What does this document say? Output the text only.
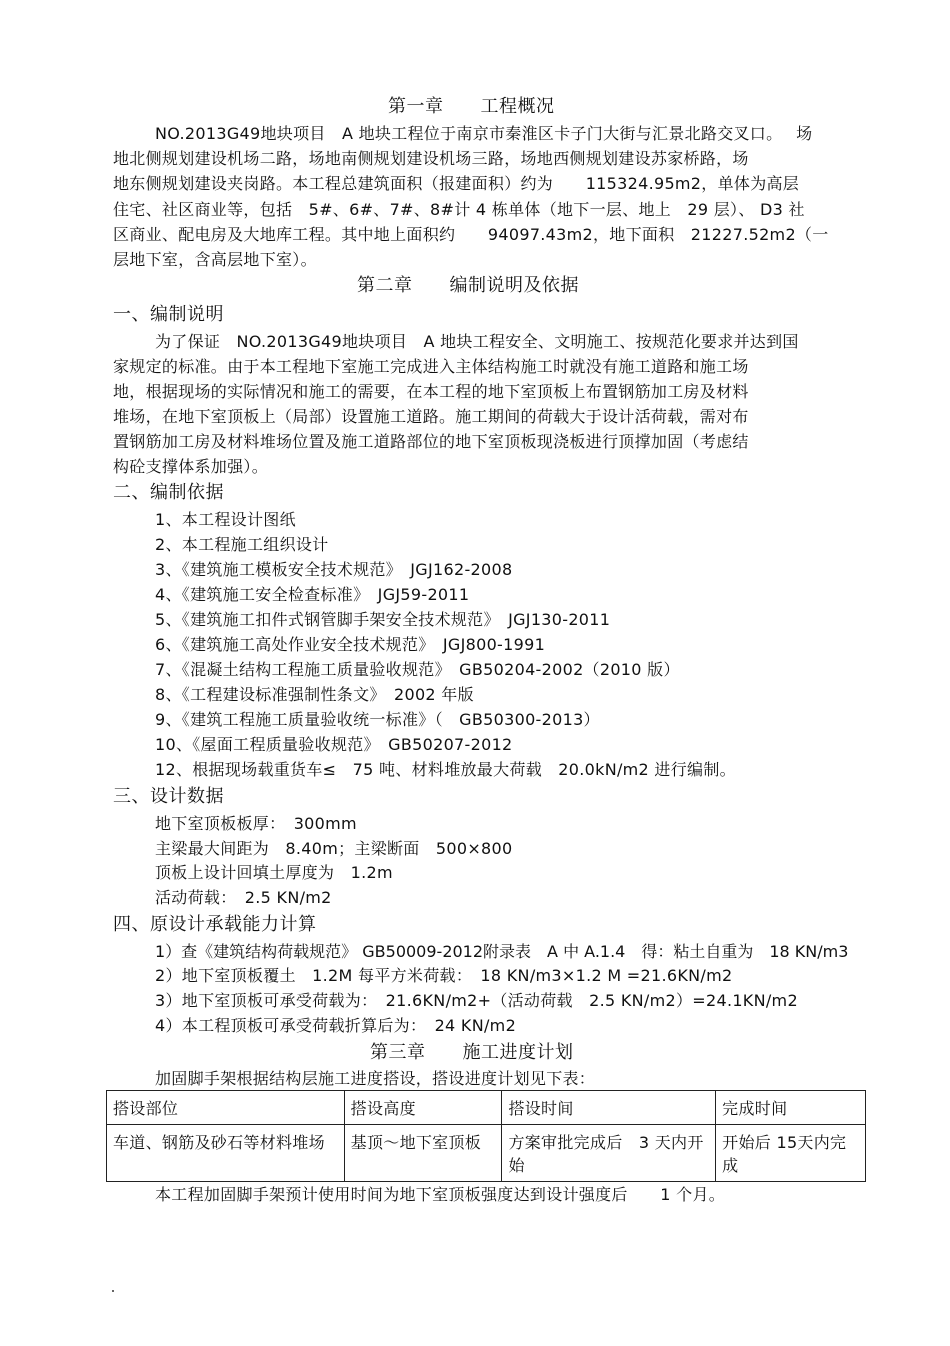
第一章　　工程概况
NO.2013G49地块项目　A 地块工程位于南京市秦淮区卡子门大街与汇景北路交叉口。　 场
地北侧规划建设机场二路，场地南侧规划建设机场三路，场地西侧规划建设苏家桥路，场
地东侧规划建设夹岗路。本工程总建筑面积（报建面积）约为　　115324.95m2，单体为高层
住宅、社区商业等，包括　5#、6#、7#、8#计 4 栋单体（地下一层、地上　29 层）、 D3 社
区商业、配电房及大地库工程。其中地上面积约　　94097.43m2，地下面积　21227.52m2（一
层地下室，含高层地下室）。
第二章　　编制说明及依据
一、编制说明
为了保证　NO.2013G49地块项目　A 地块工程安全、文明施工、按规范化要求并达到国
家规定的标准。由于本工程地下室施工完成进入主体结构施工时就没有施工道路和施工场
地，根据现场的实际情况和施工的需要，在本工程的地下室顶板上布置钢筋加工房及材料
堆场，在地下室顶板上（局部）设置施工道路。施工期间的荷载大于设计活荷载，需对布
置钢筋加工房及材料堆场位置及施工道路部位的地下室顶板现浇板进行顶撑加固（考虑结
构砼支撑体系加强）。
二、编制依据
1、本工程设计图纸
2、本工程施工组织设计
3、《建筑施工模板安全技术规范》　JGJ162-2008
4、《建筑施工安全检查标准》　JGJ59-2011
5、《建筑施工扣件式钢管脚手架安全技术规范》　JGJ130-2011
6、《建筑施工高处作业安全技术规范》　JGJ800-1991
7、《混凝土结构工程施工质量验收规范》　GB50204-2002（2010 版）
8、《工程建设标准强制性条文》　2002 年版
9、《建筑工程施工质量验收统一标准》（　GB50300-2013）
10、《屋面工程质量验收规范》　GB50207-2012
12、根据现场载重货车≤　75 吨、材料堆放最大荷载　20.0kN/m2 进行编制。
三、设计数据
地下室顶板板厚：　300mm
主梁最大间距为　8.40m；主梁断面　500×800
顶板上设计回填土厚度为　1.2m
活动荷载：　2.5 KN/m2
四、原设计承载能力计算
1）查《建筑结构荷载规范》 GB50009-2012附录表　A 中 A.1.4　得：粘土自重为　18 KN/m3
2）地下室顶板覆土　1.2M 每平方米荷载：　18 KN/m3×1.2 M =21.6KN/m2
3）地下室顶板可承受荷载为：　21.6KN/m2+（活动荷载　2.5 KN/m2）=24.1KN/m2
4）本工程顶板可承受荷载折算后为：　24 KN/m2
第三章　　施工进度计划
加固脚手架根据结构层施工进度搭设，搭设进度计划见下表：
搭设部位	搭设高度	搭设时间	完成时间
车道、钢筋及砂石等材料堆场	基顶～地下室顶板	方案审批完成后　3 天内开始	开始后 15天内完成
本工程加固脚手架预计使用时间为地下室顶板强度达到设计强度后　　1 个月。
